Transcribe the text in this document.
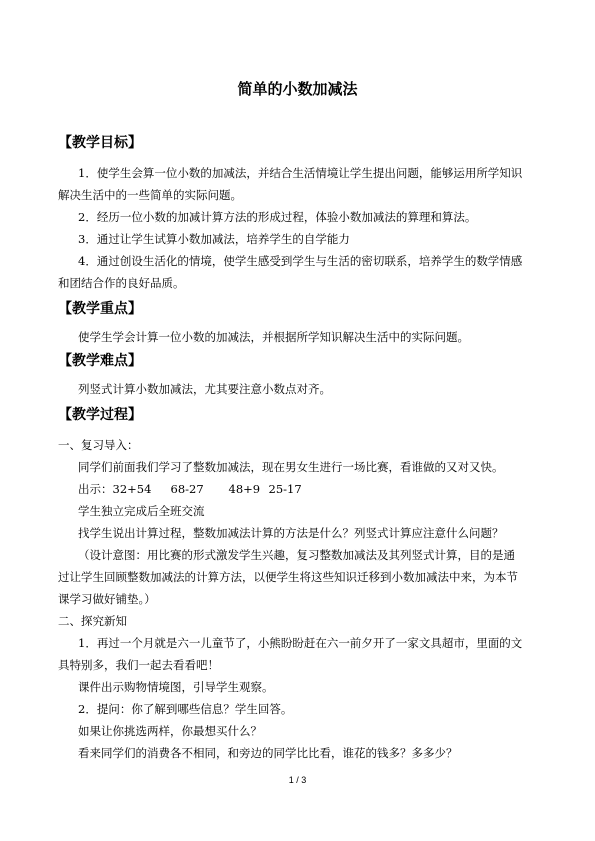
简单的小数加减法
【教学目标】
1．使学生会算一位小数的加减法，并结合生活情境让学生提出问题，能够运用所学知识
解决生活中的一些简单的实际问题。
2．经历一位小数的加减计算方法的形成过程，体验小数加减法的算理和算法。
3．通过让学生试算小数加减法，培养学生的自学能力
4．通过创设生活化的情境，使学生感受到学生与生活的密切联系，培养学生的数学情感
和团结合作的良好品质。
【教学重点】
使学生学会计算一位小数的加减法，并根据所学知识解决生活中的实际问题。
【教学难点】
列竖式计算小数加减法，尤其要注意小数点对齐。
【教学过程】
一、复习导入：
同学们前面我们学习了整数加减法，现在男女生进行一场比赛，看谁做的又对又快。
出示：32+54 68-27 48+9 25-17
学生独立完成后全班交流
找学生说出计算过程，整数加减法计算的方法是什么？列竖式计算应注意什么问题？
（设计意图：用比赛的形式激发学生兴趣，复习整数加减法及其列竖式计算，目的是通
过让学生回顾整数加减法的计算方法，以便学生将这些知识迁移到小数加减法中来，为本节
课学习做好铺垫。）
二、探究新知
1．再过一个月就是六一儿童节了，小熊盼盼赶在六一前夕开了一家文具超市，里面的文
具特别多，我们一起去看看吧！
课件出示购物情境图，引导学生观察。
2．提问：你了解到哪些信息？学生回答。
如果让你挑选两样，你最想买什么？
看来同学们的消费各不相同，和旁边的同学比比看，谁花的钱多？多多少？
1 / 3
